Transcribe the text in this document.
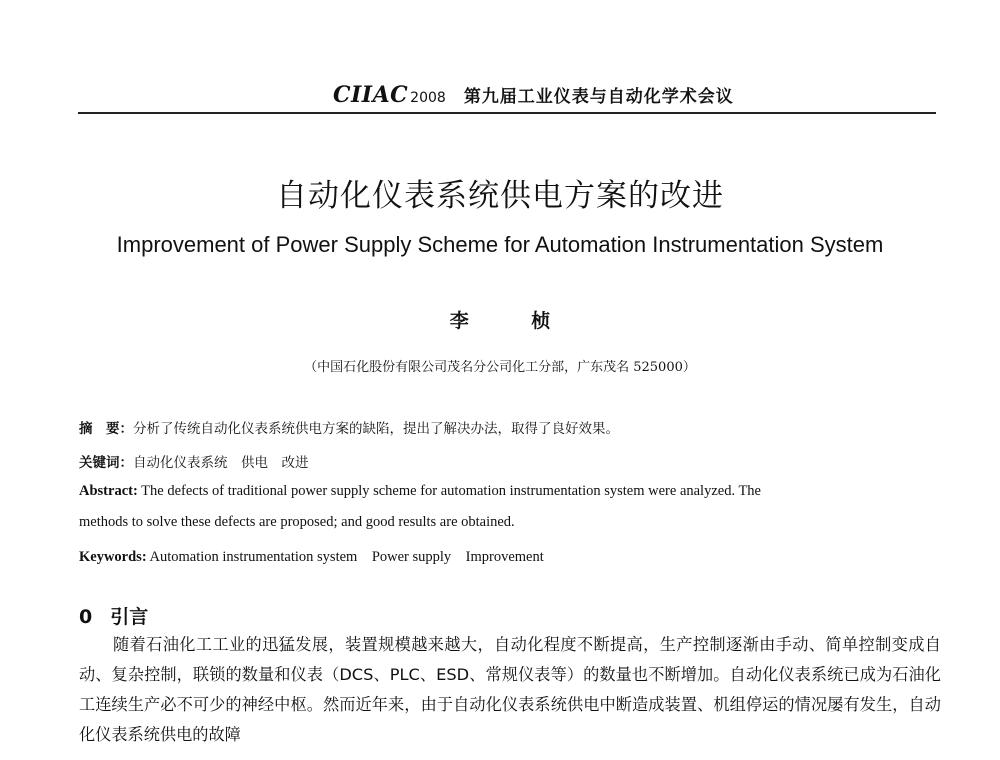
CIIAC 2008 第九届工业仪表与自动化学术会议
自动化仪表系统供电方案的改进
Improvement of Power Supply Scheme for Automation Instrumentation System
李 桢
（中国石化股份有限公司茂名分公司化工分部，广东茂名 525000）
摘　要：分析了传统自动化仪表系统供电方案的缺陷，提出了解决办法，取得了良好效果。
关键词：自动化仪表系统　供电　改进
Abstract: The defects of traditional power supply scheme for automation instrumentation system were analyzed. The
methods to solve these defects are proposed; and good results are obtained.
Keywords: Automation instrumentation system　Power supply　Improvement
0 引言
随着石油化工工业的迅猛发展，装置规模越来越大，自动化程度不断提高，生产控制逐渐由手动、简单控制变成自动、复杂控制，联锁的数量和仪表（DCS、PLC、ESD、常规仪表等）的数量也不断增加。自动化仪表系统已成为石油化工连续生产必不可少的神经中枢。然而近年来，由于自动化仪表系统供电中断造成装置、机组停运的情况屡有发生，自动化仪表系统供电的故障
